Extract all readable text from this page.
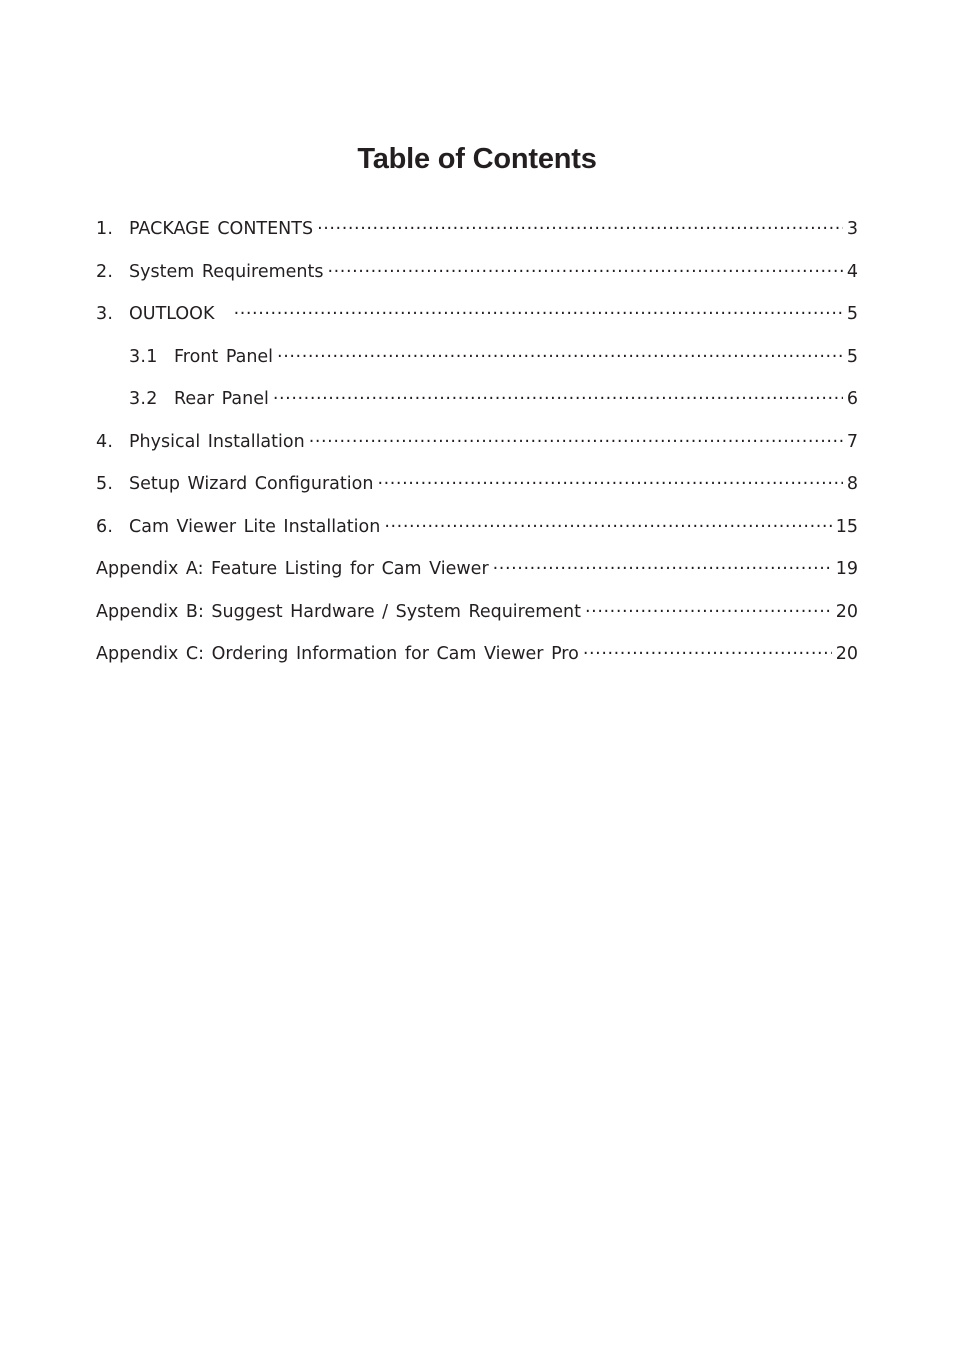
Table of Contents
1. PACKAGE CONTENTS .....	3
2. System Requirements .....	4
3. OUTLOOK .....	5
3.1 Front Panel .....	5
3.2 Rear Panel .....	6
4. Physical Installation .....	7
5. Setup Wizard Configuration .....	8
6. Cam Viewer Lite Installation .....	15
Appendix A: Feature Listing for Cam Viewer .....	19
Appendix B: Suggest Hardware / System Requirement .....	20
Appendix C: Ordering Information for Cam Viewer Pro .....	20
